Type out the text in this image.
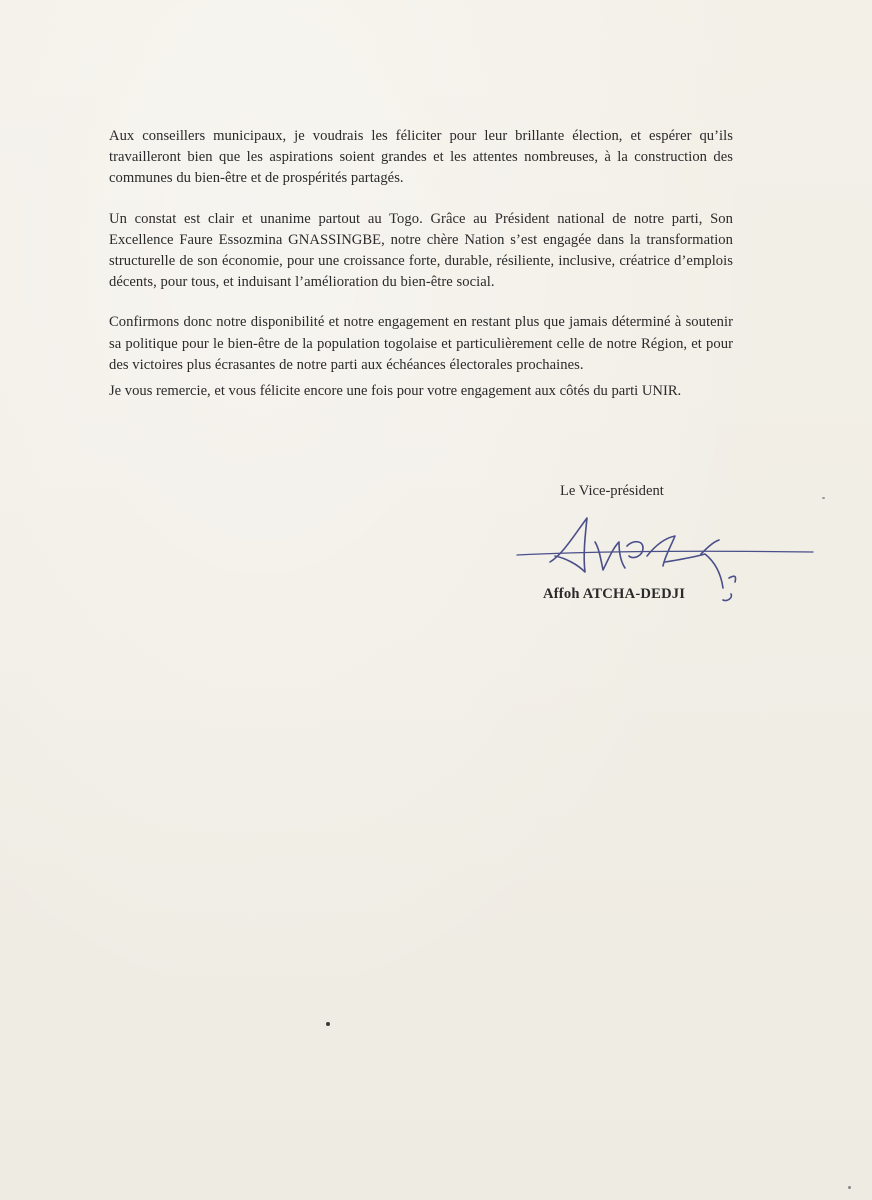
Aux conseillers municipaux, je voudrais les féliciter pour leur brillante élection, et espérer qu’ils travailleront bien que les aspirations soient grandes et les attentes nombreuses, à la construction des communes du bien-être et de prospérités partagés.

Un constat est clair et unanime partout au Togo. Grâce au Président national de notre parti, Son Excellence Faure Essozmina GNASSINGBE, notre chère Nation s’est engagée dans la transformation structurelle de son économie, pour une croissance forte, durable, résiliente, inclusive, créatrice d’emplois décents, pour tous, et induisant l’amélioration du bien-être social.

Confirmons donc notre disponibilité et notre engagement en restant plus que jamais déterminé à soutenir sa politique pour le bien-être de la population togolaise et particulièrement celle de notre Région, et pour des victoires plus écrasantes de notre parti aux échéances électorales prochaines.

Je vous remercie, et vous félicite encore une fois pour votre engagement aux côtés du parti UNIR.

Le Vice-président
Affoh ATCHA-DEDJI
